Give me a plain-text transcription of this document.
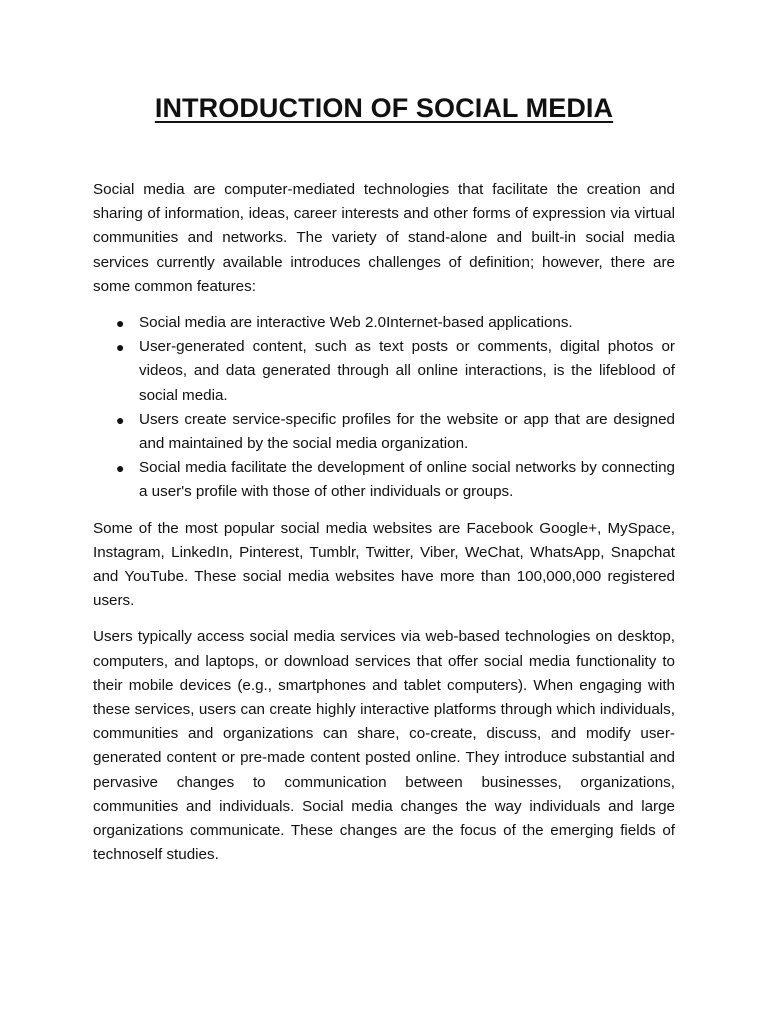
INTRODUCTION OF SOCIAL MEDIA

Social media are computer-mediated technologies that facilitate the creation and sharing of information, ideas, career interests and other forms of expression via virtual communities and networks. The variety of stand-alone and built-in social media services currently available introduces challenges of definition; however, there are some common features:

● Social media are interactive Web 2.0Internet-based applications.
● User-generated content, such as text posts or comments, digital photos or videos, and data generated through all online interactions, is the lifeblood of social media.
● Users create service-specific profiles for the website or app that are designed and maintained by the social media organization.
● Social media facilitate the development of online social networks by connecting a user's profile with those of other individuals or groups.

Some of the most popular social media websites are Facebook Google+, MySpace, Instagram, LinkedIn, Pinterest, Tumblr, Twitter, Viber, WeChat, WhatsApp, Snapchat and YouTube. These social media websites have more than 100,000,000 registered users.

Users typically access social media services via web-based technologies on desktop, computers, and laptops, or download services that offer social media functionality to their mobile devices (e.g., smartphones and tablet computers). When engaging with these services, users can create highly interactive platforms through which individuals, communities and organizations can share, co-create, discuss, and modify user-generated content or pre-made content posted online. They introduce substantial and pervasive changes to communication between businesses, organizations, communities and individuals. Social media changes the way individuals and large organizations communicate. These changes are the focus of the emerging fields of technoself studies.
